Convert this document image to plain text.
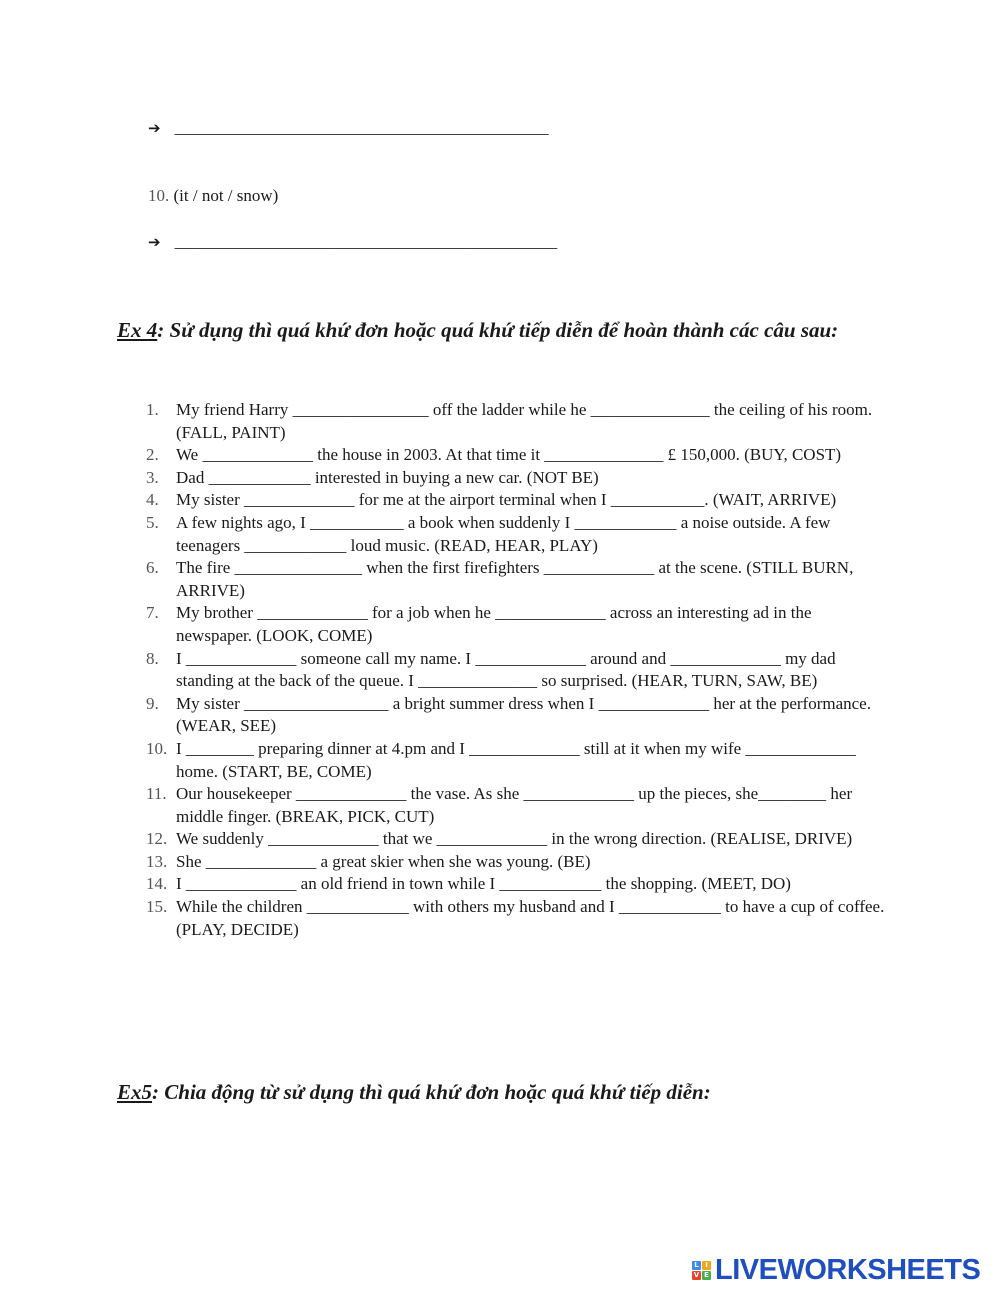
➔ ____________________________________________
10. (it / not / snow)
➔ _____________________________________________
Ex 4: Sử dụng thì quá khứ đơn hoặc quá khứ tiếp diễn để hoàn thành các câu sau:
1.	My friend Harry ________________ off the ladder while he ______________ the ceiling of his room. (FALL, PAINT)
2.	We _____________ the house in 2003. At that time it ______________ £ 150,000. (BUY, COST)
3.	Dad ____________ interested in buying a new car. (NOT BE)
4.	My sister _____________ for me at the airport terminal when I ___________. (WAIT, ARRIVE)
5.	A few nights ago, I ___________ a book when suddenly I ____________ a noise outside. A few teenagers ____________ loud music. (READ, HEAR, PLAY)
6.	The fire _______________ when the first firefighters _____________ at the scene. (STILL BURN, ARRIVE)
7.	My brother _____________ for a job when he _____________ across an interesting ad in the newspaper. (LOOK, COME)
8.	I _____________ someone call my name. I _____________ around and _____________ my dad standing at the back of the queue. I ______________ so surprised. (HEAR, TURN, SAW, BE)
9.	My sister _________________ a bright summer dress when I _____________ her at the performance. (WEAR, SEE)
10. I ________ preparing dinner at 4.pm and I _____________ still at it when my wife _____________ home. (START, BE, COME)
11. Our housekeeper _____________ the vase. As she _____________ up the pieces, she________ her middle finger. (BREAK, PICK, CUT)
12. We suddenly _____________ that we _____________ in the wrong direction. (REALISE, DRIVE)
13. She _____________ a great skier when she was young. (BE)
14. I _____________ an old friend in town while I ____________ the shopping. (MEET, DO)
15. While the children ____________ with others my husband and I ____________ to have a cup of coffee. (PLAY, DECIDE)
Ex5: Chia động từ sử dụng thì quá khứ đơn hoặc quá khứ tiếp diễn:
L I
V E LIVEWORKSHEETS
